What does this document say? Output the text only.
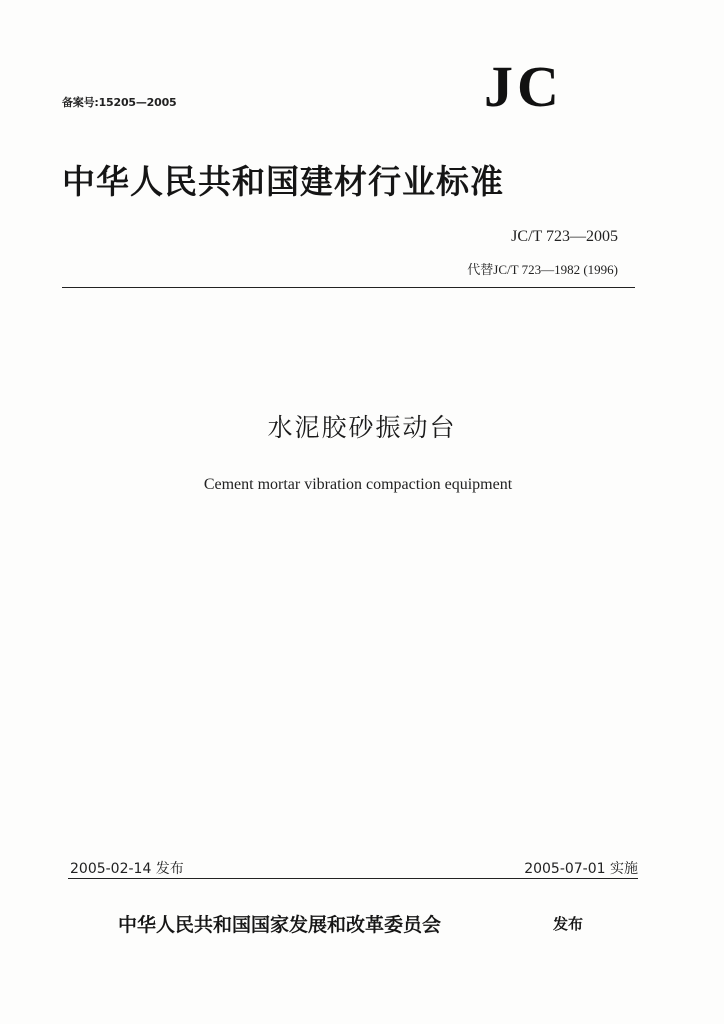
备案号:15205—2005	JC
中华人民共和国建材行业标准
JC/T 723—2005
代替JC/T 723—1982 (1996)
水泥胶砂振动台
Cement mortar vibration compaction equipment
2005-02-14 发布	2005-07-01 实施
中华人民共和国国家发展和改革委员会	发布
